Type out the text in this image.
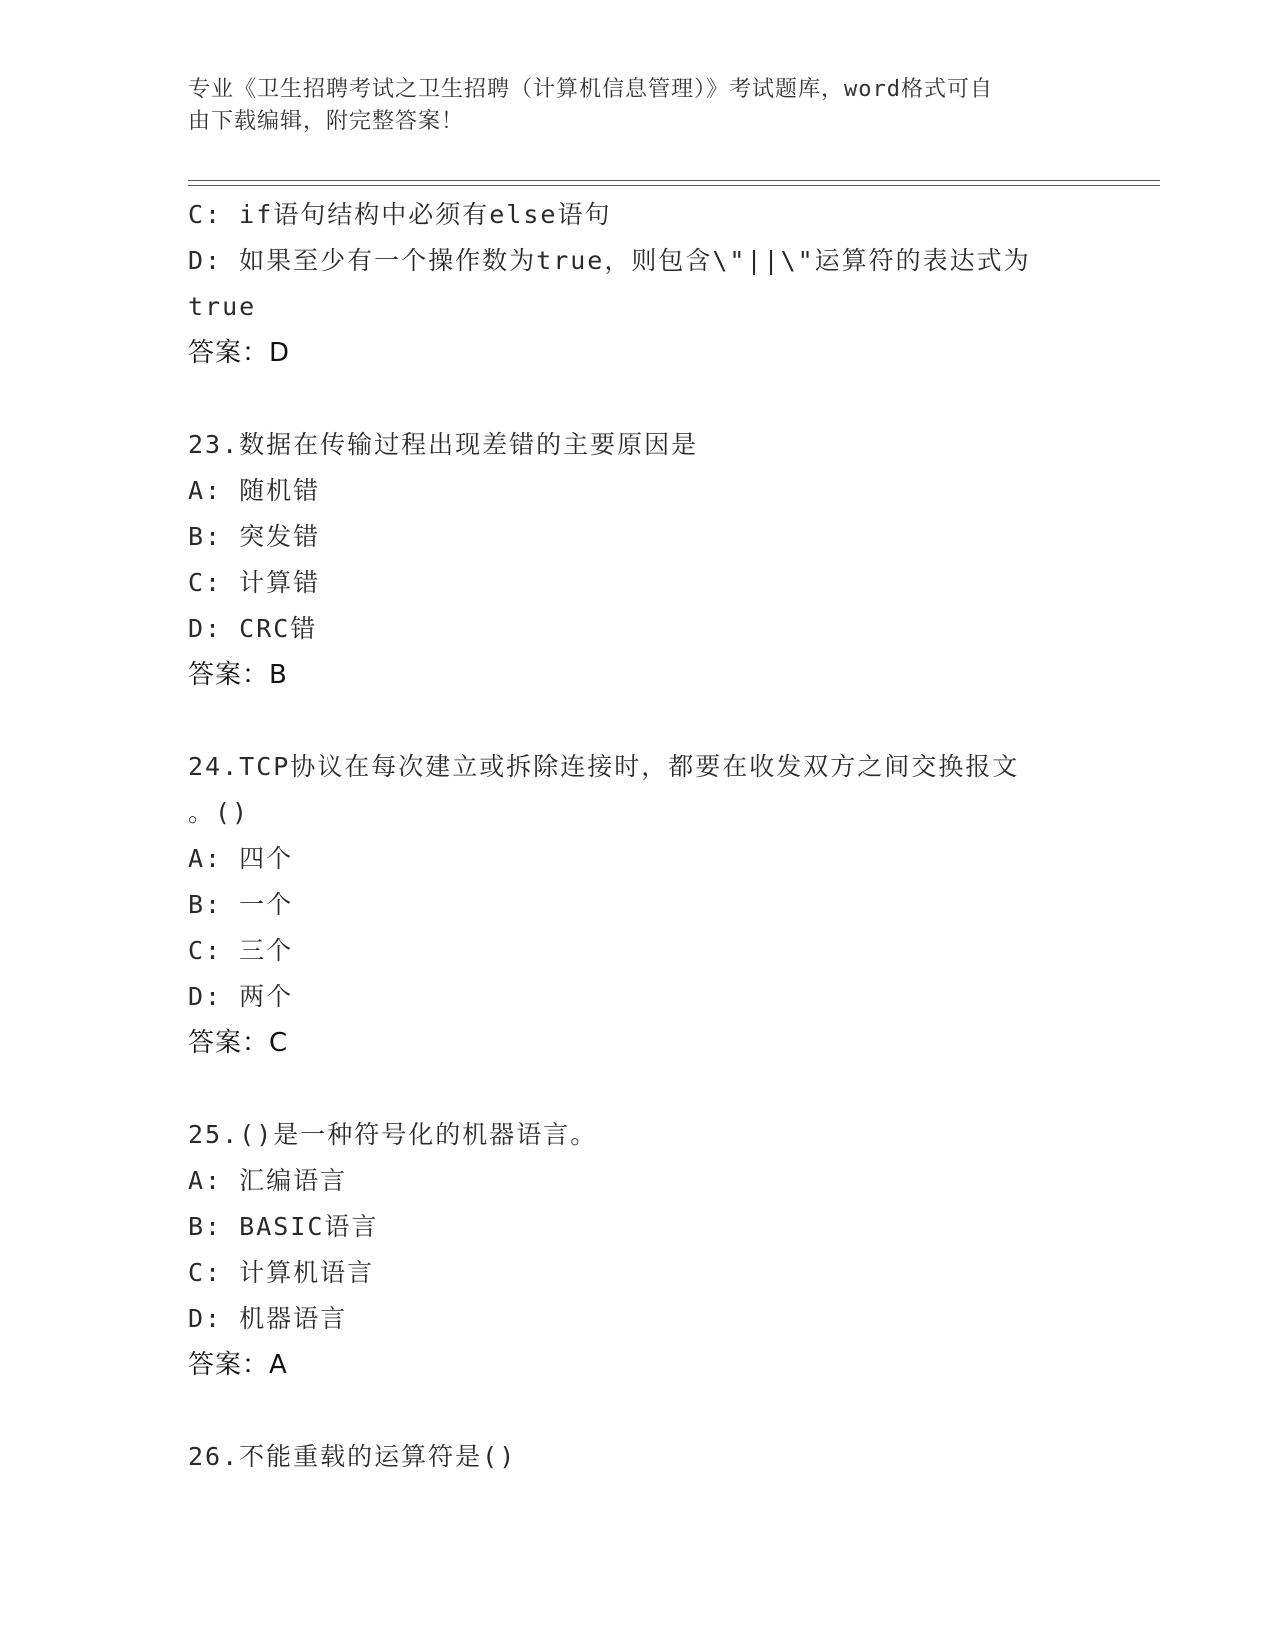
专业《卫生招聘考试之卫生招聘（计算机信息管理）》考试题库，word格式可自
由下载编辑，附完整答案！
C: if语句结构中必须有else语句
D: 如果至少有一个操作数为true，则包含\"||\"运算符的表达式为
true
答案：D
23.数据在传输过程出现差错的主要原因是
A: 随机错
B: 突发错
C: 计算错
D: CRC错
答案：B
24.TCP协议在每次建立或拆除连接时，都要在收发双方之间交换报文
。()
A: 四个
B: 一个
C: 三个
D: 两个
答案：C
25.()是一种符号化的机器语言。
A: 汇编语言
B: BASIC语言
C: 计算机语言
D: 机器语言
答案：A
26.不能重载的运算符是()
